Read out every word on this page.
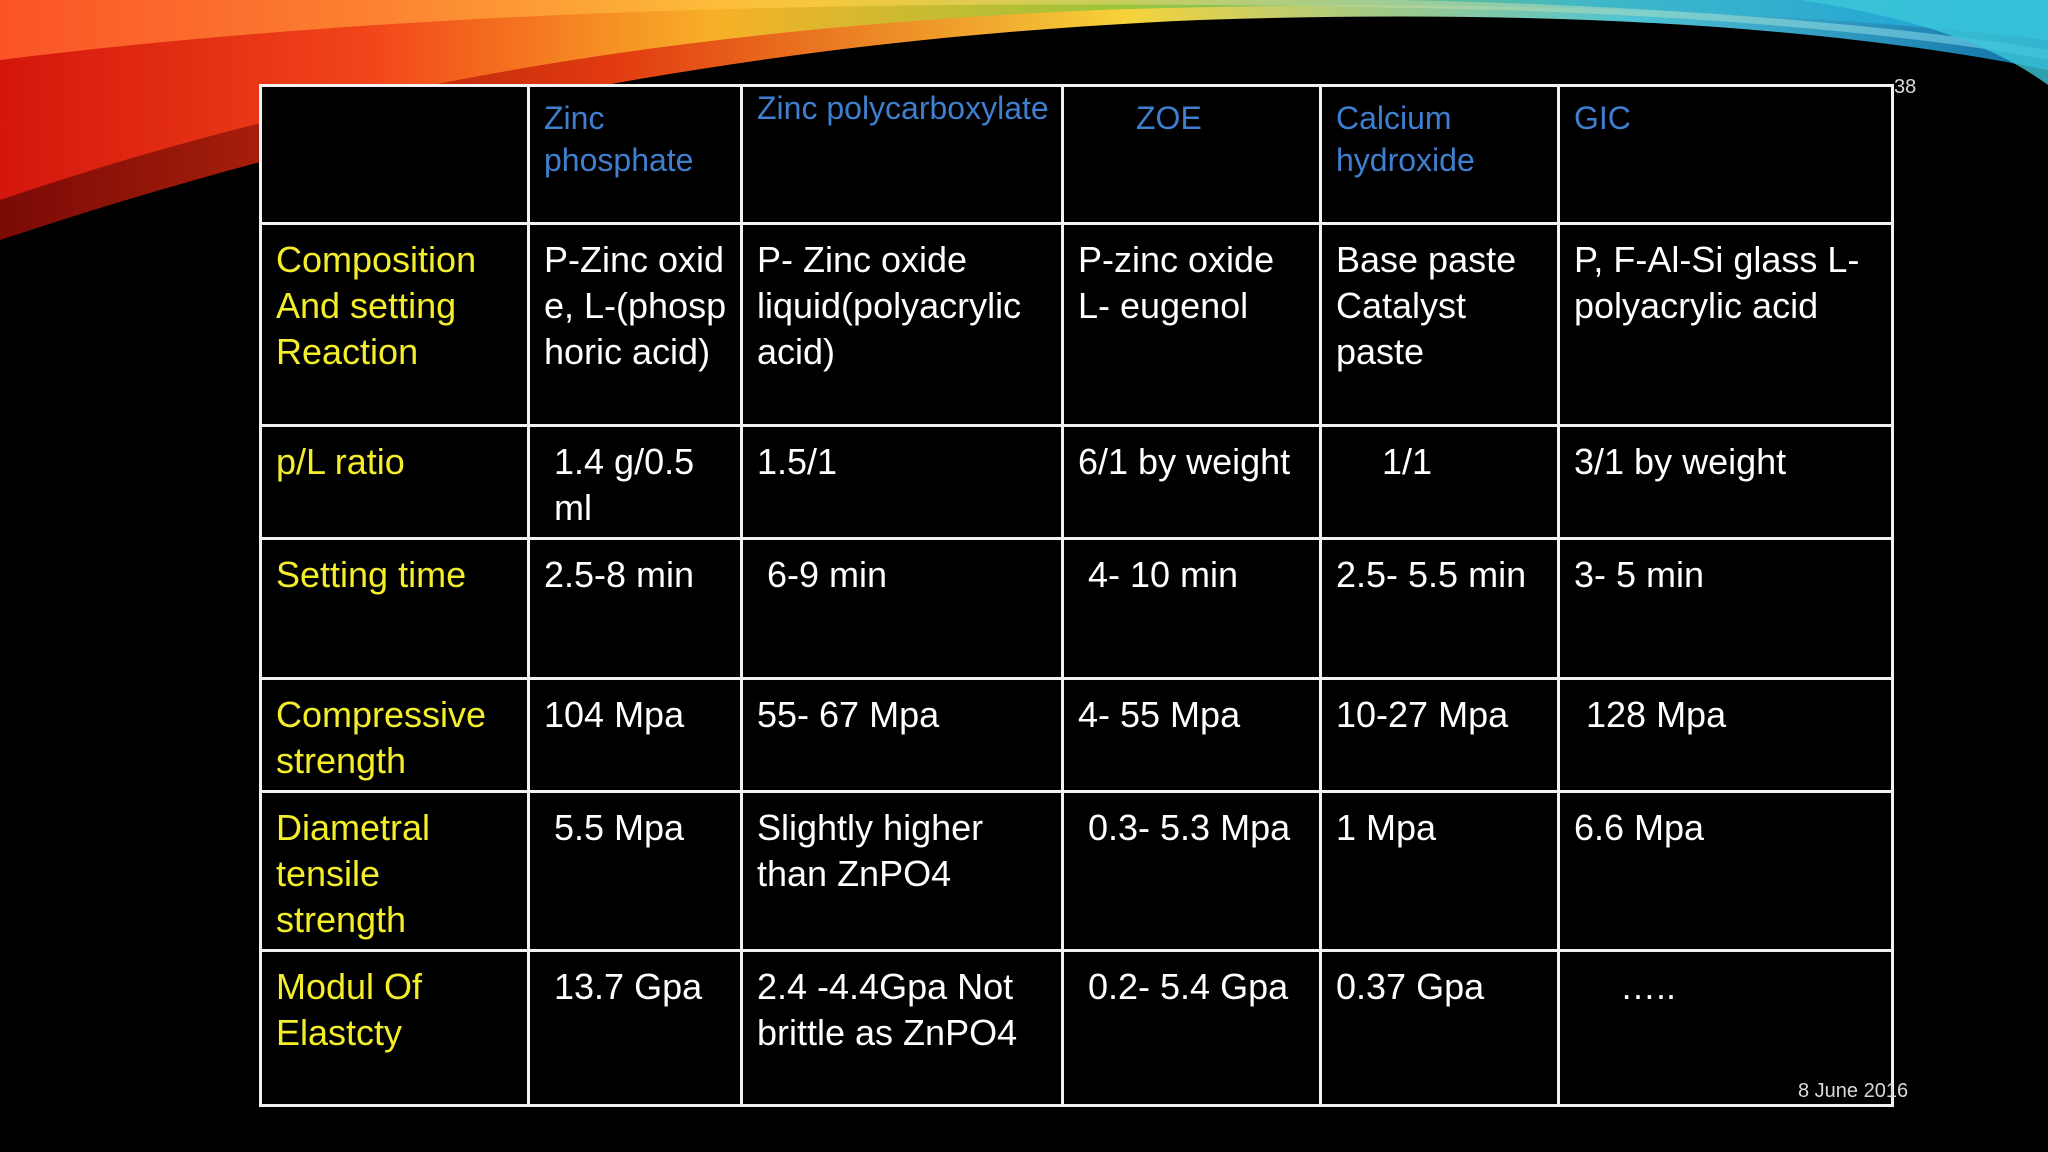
	Zinc phosphate	Zinc polycarboxylate	ZOE	Calcium hydroxide	GIC
Composition And setting Reaction	P-Zinc oxide, L-(phosphoric acid)	P- Zinc oxide liquid(polyacrylic acid)	P-zinc oxide L- eugenol	Base paste Catalyst paste	P, F-Al-Si glass L- polyacrylic acid
p/L ratio	1.4 g/0.5 ml	1.5/1	6/1 by weight	1/1	3/1 by weight
Setting time	2.5-8 min	6-9 min	4- 10 min	2.5- 5.5 min	3- 5 min
Compressive strength	104 Mpa	55- 67 Mpa	4- 55 Mpa	10-27 Mpa	128 Mpa
Diametral tensile strength	5.5 Mpa	Slightly higher than ZnPO4	0.3- 5.3 Mpa	1 Mpa	6.6 Mpa
Modul Of Elastcty	13.7 Gpa	2.4 -4.4Gpa Not brittle as ZnPO4	0.2- 5.4 Gpa	0.37 Gpa	…..
38
8 June 2016
